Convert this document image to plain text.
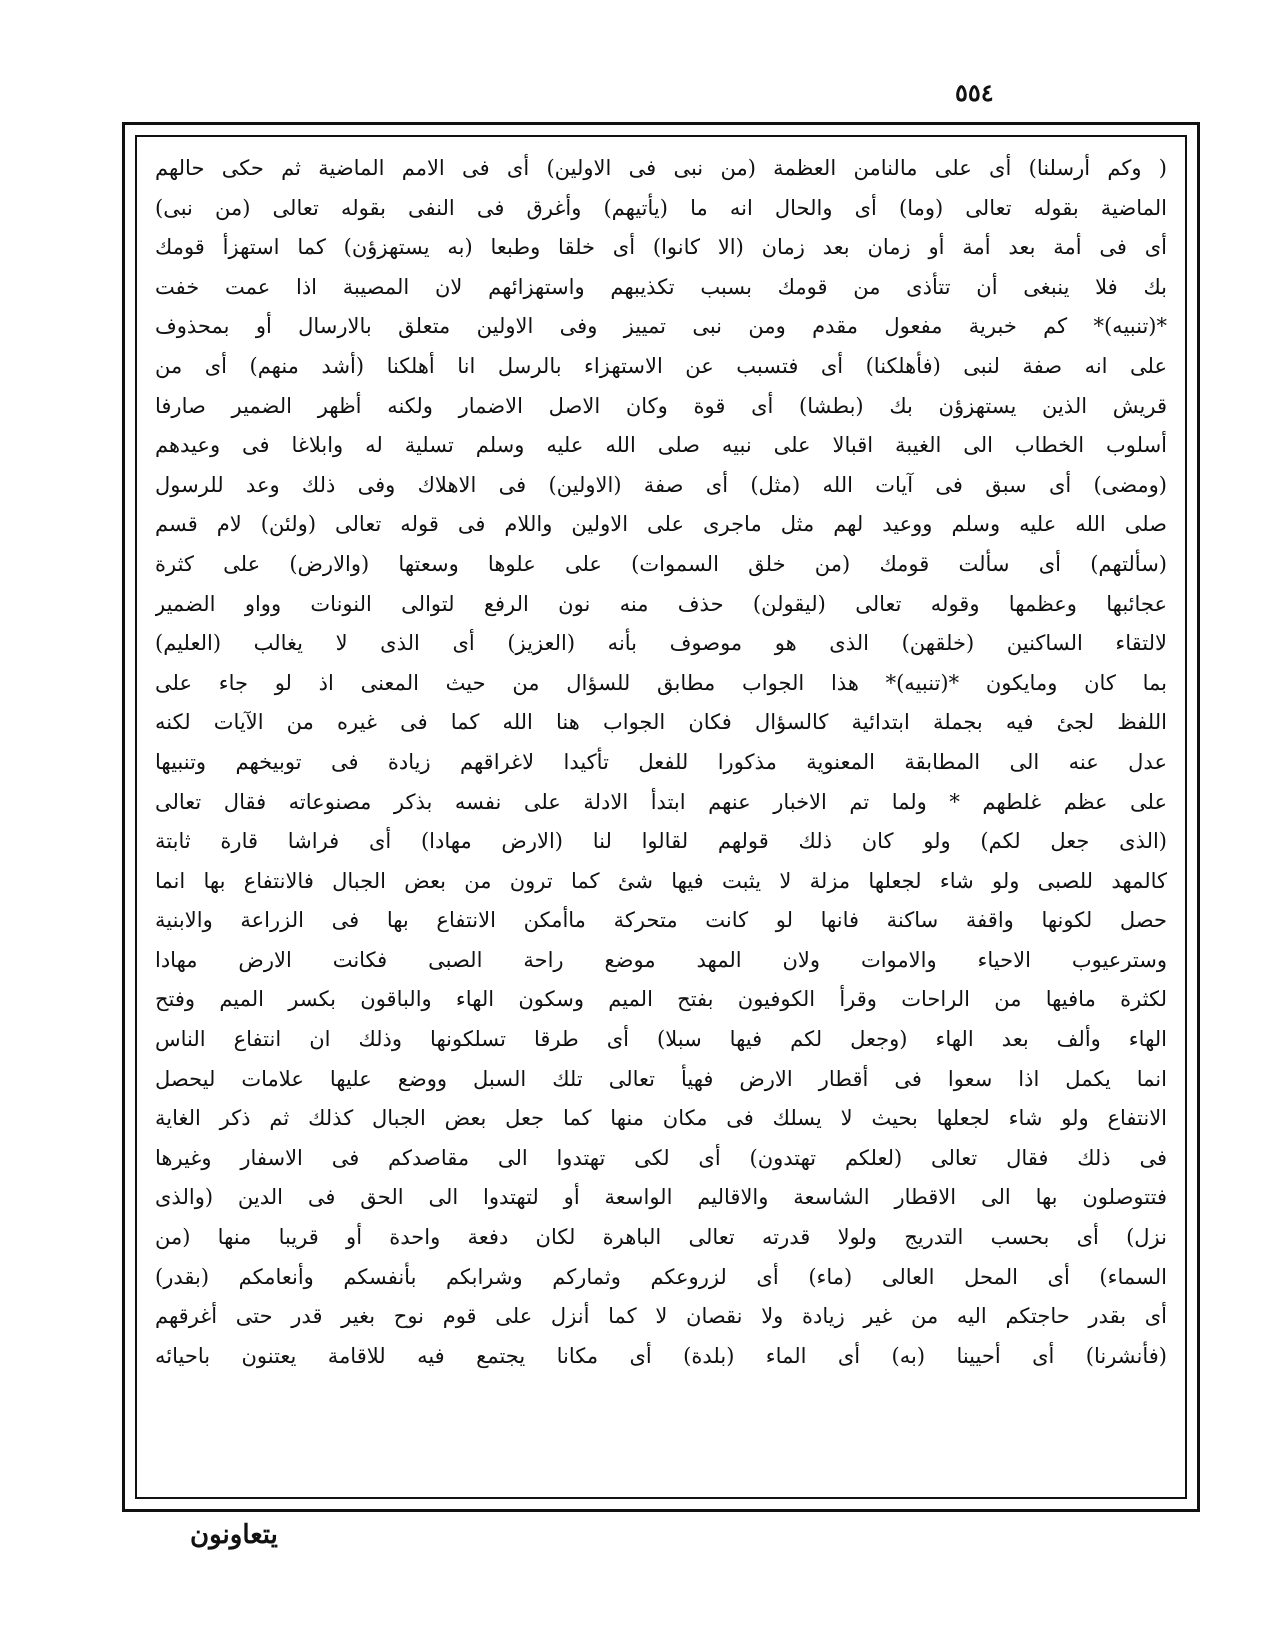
٥٥٤
( وكم أرسلنا) أى على مالنامن العظمة (من نبى فى الاولين) أى فى الامم الماضية ثم حكى حالهم
الماضية بقوله تعالى (وما) أى والحال انه ما (يأتيهم) وأغرق فى النفى بقوله تعالى (من نبى)
أى فى أمة بعد أمة أو زمان بعد زمان (الا كانوا) أى خلقا وطبعا (به يستهزؤن) كما استهزأ قومك
بك فلا ينبغى أن تتأذى من قومك بسبب تكذيبهم واستهزائهم لان المصيبة اذا عمت خفت
*(تنبيه)* كم خبرية مفعول مقدم ومن نبى تمييز وفى الاولين متعلق بالارسال أو بمحذوف
على انه صفة لنبى (فأهلكنا) أى فتسبب عن الاستهزاء بالرسل انا أهلكنا (أشد منهم) أى من
قريش الذين يستهزؤن بك (بطشا) أى قوة وكان الاصل الاضمار ولكنه أظهر الضمير صارفا
أسلوب الخطاب الى الغيبة اقبالا على نبيه صلى الله عليه وسلم تسلية له وابلاغا فى وعيدهم
(ومضى) أى سبق فى آيات الله (مثل) أى صفة (الاولين) فى الاهلاك وفى ذلك وعد للرسول
صلى الله عليه وسلم ووعيد لهم مثل ماجرى على الاولين واللام فى قوله تعالى (ولئن) لام قسم
(سألتهم) أى سألت قومك (من خلق السموات) على علوها وسعتها (والارض) على كثرة
عجائبها وعظمها وقوله تعالى (ليقولن) حذف منه نون الرفع لتوالى النونات وواو الضمير
لالتقاء الساكنين (خلقهن) الذى هو موصوف بأنه (العزيز) أى الذى لا يغالب (العليم)
بما كان ومايكون *(تنبيه)* هذا الجواب مطابق للسؤال من حيث المعنى اذ لو جاء على
اللفظ لجئ فيه بجملة ابتدائية كالسؤال فكان الجواب هنا الله كما فى غيره من الآيات لكنه
عدل عنه الى المطابقة المعنوية مذكورا للفعل تأكيدا لاغراقهم زيادة فى توبيخهم وتنبيها
على عظم غلطهم * ولما تم الاخبار عنهم ابتدأ الادلة على نفسه بذكر مصنوعاته فقال تعالى
(الذى جعل لكم) ولو كان ذلك قولهم لقالوا لنا (الارض مهادا) أى فراشا قارة ثابتة
كالمهد للصبى ولو شاء لجعلها مزلة لا يثبت فيها شئ كما ترون من بعض الجبال فالانتفاع بها انما
حصل لكونها واقفة ساكنة فانها لو كانت متحركة ماأمكن الانتفاع بها فى الزراعة والابنية
وسترعيوب الاحياء والاموات ولان المهد موضع راحة الصبى فكانت الارض مهادا
لكثرة مافيها من الراحات وقرأ الكوفيون بفتح الميم وسكون الهاء والباقون بكسر الميم وفتح
الهاء وألف بعد الهاء (وجعل لكم فيها سبلا) أى طرقا تسلكونها وذلك ان انتفاع الناس
انما يكمل اذا سعوا فى أقطار الارض فهيأ تعالى تلك السبل ووضع عليها علامات ليحصل
الانتفاع ولو شاء لجعلها بحيث لا يسلك فى مكان منها كما جعل بعض الجبال كذلك ثم ذكر الغاية
فى ذلك فقال تعالى (لعلكم تهتدون) أى لكى تهتدوا الى مقاصدكم فى الاسفار وغيرها
فتتوصلون بها الى الاقطار الشاسعة والاقاليم الواسعة أو لتهتدوا الى الحق فى الدين (والذى
نزل) أى بحسب التدريج ولولا قدرته تعالى الباهرة لكان دفعة واحدة أو قريبا منها (من
السماء) أى المحل العالى (ماء) أى لزروعكم وثماركم وشرابكم بأنفسكم وأنعامكم (بقدر)
أى بقدر حاجتكم اليه من غير زيادة ولا نقصان لا كما أنزل على قوم نوح بغير قدر حتى أغرقهم
(فأنشرنا) أى أحيينا (به) أى الماء (بلدة) أى مكانا يجتمع فيه للاقامة يعتنون باحيائه
يتعاونون
